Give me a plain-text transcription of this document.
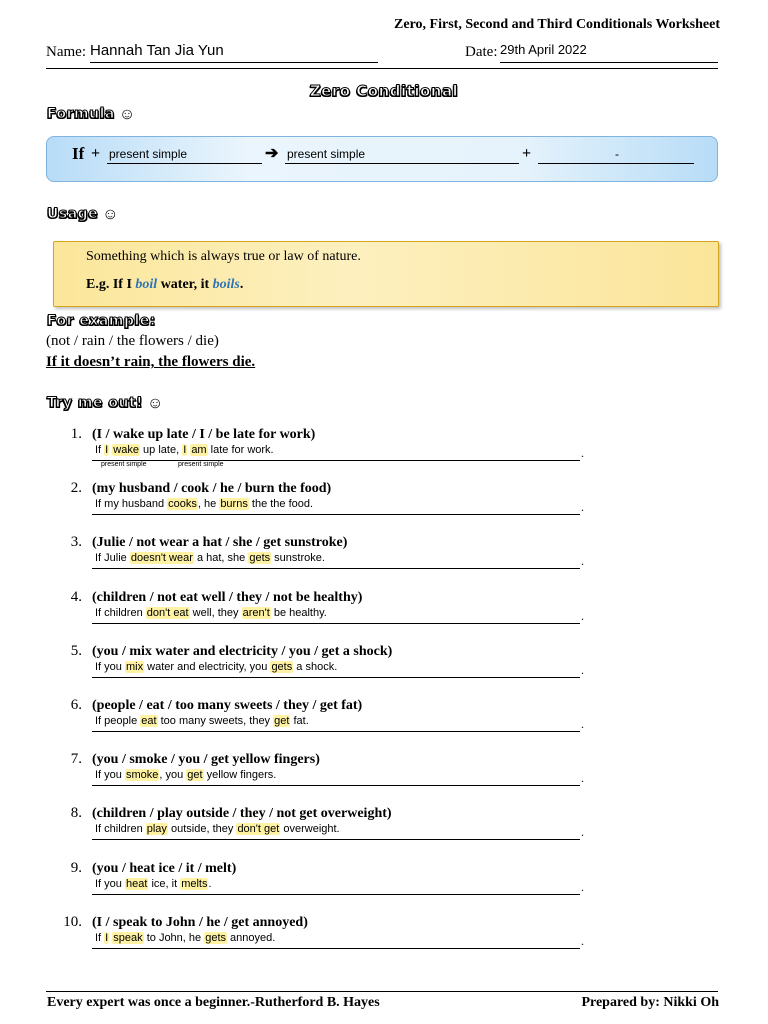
Zero, First, Second and Third Conditionals Worksheet
Name: Hannah Tan Jia Yun	Date: 29th April 2022
Zero Conditional
Formula ☺
If + present simple	➔ present simple	+	-
Usage ☺
Something which is always true or law of nature.
E.g. If I boil water, it boils.
For example:
(not / rain / the flowers / die)
If it doesn’t rain, the flowers die.
Try me out! ☺
1. (I / wake up late / I / be late for work)
If I wake up late, I am late for work.	.
present simple	present simple
2. (my husband / cook / he / burn the food)
If my husband cooks, he burns the the food.	.
3. (Julie / not wear a hat / she / get sunstroke)
If Julie doesn't wear a hat, she gets sunstroke.	.
4. (children / not eat well / they / not be healthy)
If children don't eat well, they aren't be healthy.	.
5. (you / mix water and electricity / you / get a shock)
If you mix water and electricity, you gets a shock.	.
6. (people / eat / too many sweets / they / get fat)
If people eat too many sweets, they get fat.	.
7. (you / smoke / you / get yellow fingers)
If you smoke, you get yellow fingers.	.
8. (children / play outside / they / not get overweight)
If children play outside, they don't get overweight.	.
9. (you / heat ice / it / melt)
If you heat ice, it melts.	.
10. (I / speak to John / he / get annoyed)
If I speak to John, he gets annoyed.	.
Every expert was once a beginner.-Rutherford B. Hayes	Prepared by: Nikki Oh
